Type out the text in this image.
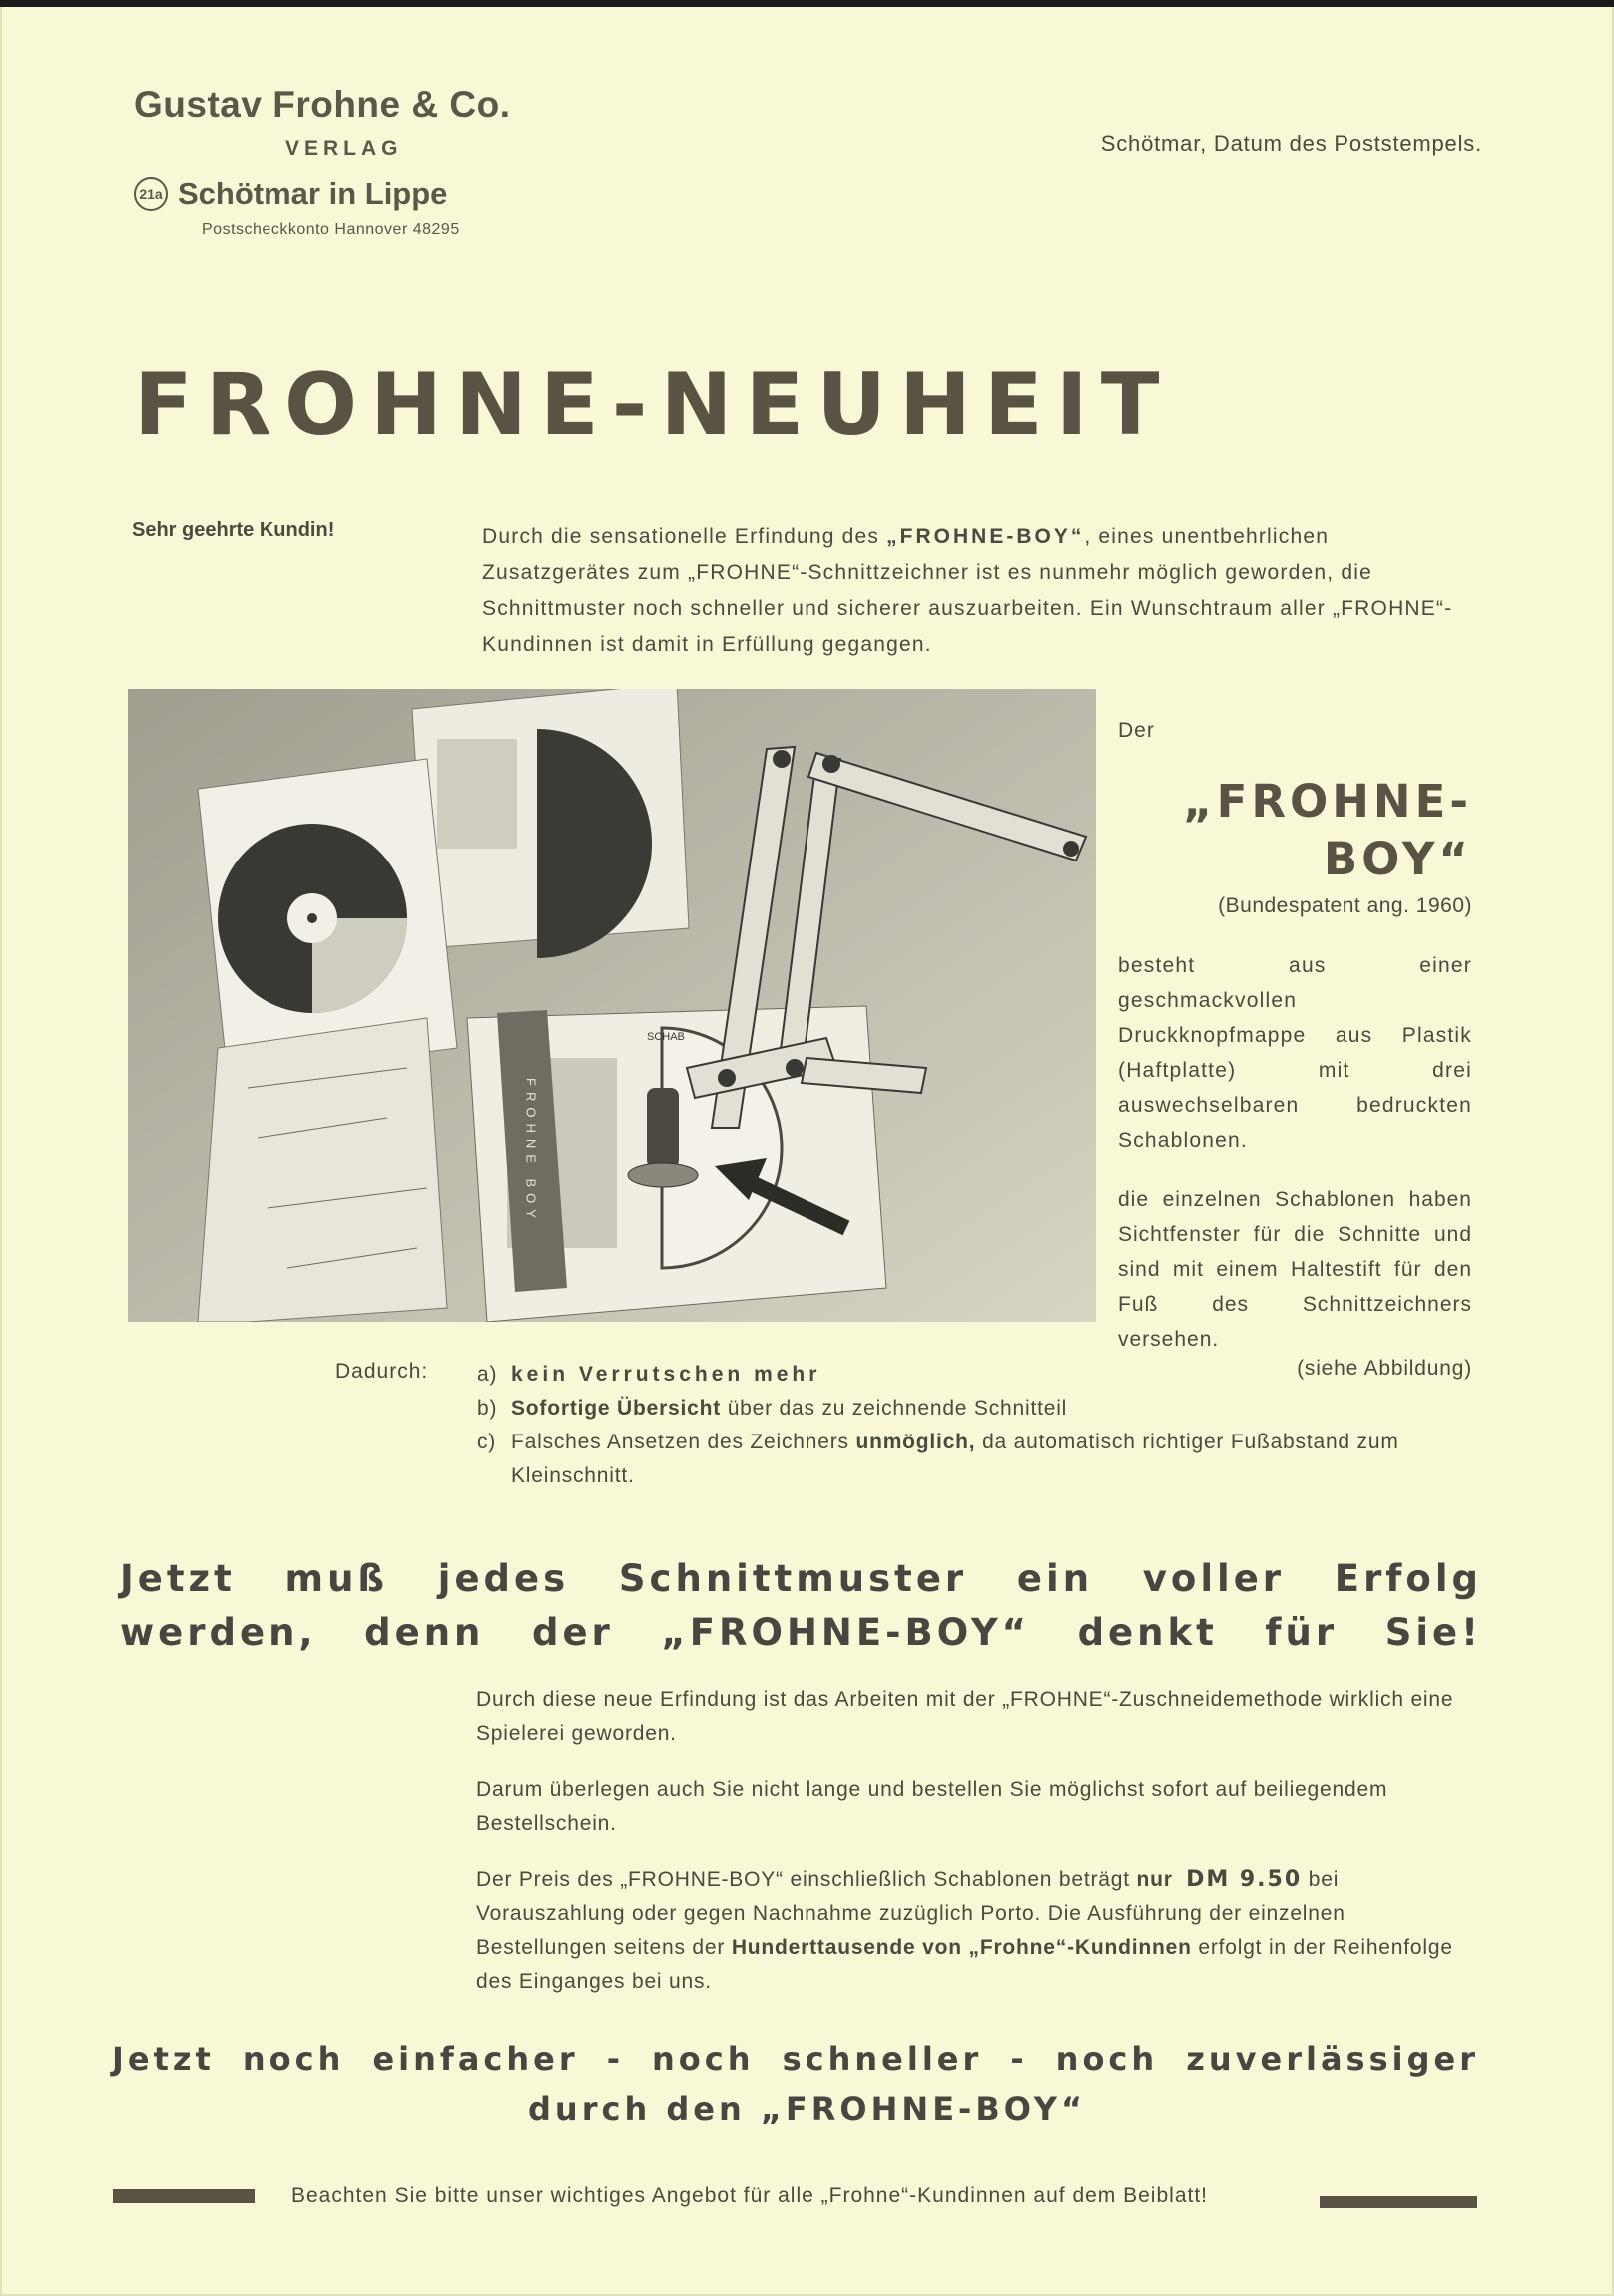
Gustav Frohne & Co.
VERLAG
21a Schötmar in Lippe
Postscheckkonto Hannover 48295
Schötmar, Datum des Poststempels.
FROHNE-NEUHEIT
Sehr geehrte Kundin!	Durch die sensationelle Erfindung des „FROHNE-BOY“, eines unentbehrlichen Zusatzgerätes zum „FROHNE“-Schnittzeichner ist es nunmehr möglich geworden, die Schnittmuster noch schneller und sicherer auszuarbeiten. Ein Wunschtraum aller „FROHNE“-Kundinnen ist damit in Erfüllung gegangen.
FROHNE BOY
SCHAB
Der
„FROHNE-
BOY“
(Bundespatent ang. 1960)
besteht aus einer geschmackvollen Druckknopfmappe aus Plastik (Haftplatte) mit drei auswechselbaren bedruckten Schablonen.
die einzelnen Schablonen haben Sichtfenster für die Schnitte und sind mit einem Haltestift für den Fuß des Schnittzeichners versehen.
(siehe Abbildung)
Dadurch: a) kein Verrutschen mehr
b) Sofortige Übersicht über das zu zeichnende Schnitteil
c) Falsches Ansetzen des Zeichners unmöglich, da automatisch richtiger Fußabstand zum Kleinschnitt.
Jetzt muß jedes Schnittmuster ein voller Erfolg
werden, denn der „FROHNE-BOY“ denkt für Sie!

Durch diese neue Erfindung ist das Arbeiten mit der „FROHNE“-Zuschneidemethode wirklich eine Spielerei geworden.

Darum überlegen auch Sie nicht lange und bestellen Sie möglichst sofort auf beiliegendem Bestellschein.

Der Preis des „FROHNE-BOY“ einschließlich Schablonen beträgt nur DM 9.50 bei Vorauszahlung oder gegen Nachnahme zuzüglich Porto. Die Ausführung der einzelnen Bestellungen seitens der Hunderttausende von „Frohne“-Kundinnen erfolgt in der Reihenfolge des Einganges bei uns.

Jetzt noch einfacher - noch schneller - noch zuverlässiger
durch den „FROHNE-BOY“
Beachten Sie bitte unser wichtiges Angebot für alle „Frohne“-Kundinnen auf dem Beiblatt!
